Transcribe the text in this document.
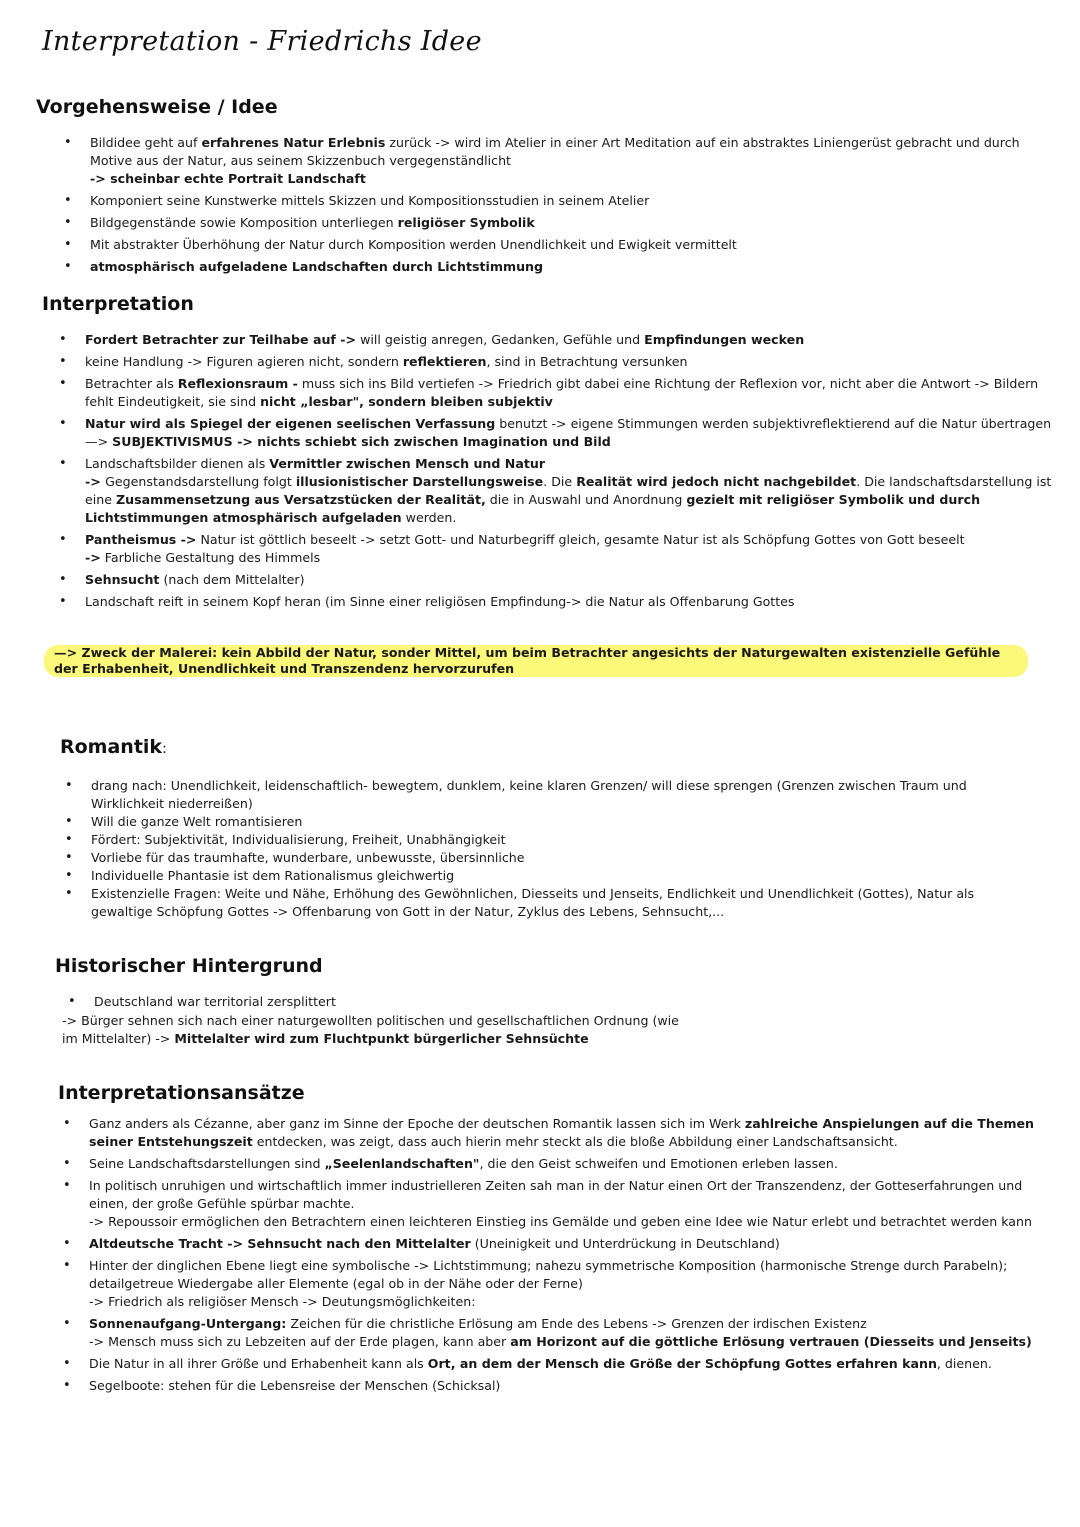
Interpretation - Friedrichs Idee
Vorgehensweise / Idee
• Bildidee geht auf erfahrenes Natur Erlebnis zurück -> wird im Atelier in einer Art Meditation auf ein abstraktes Liniengerüst gebracht und durch Motive aus der Natur, aus seinem Skizzenbuch vergegenständlicht
-> scheinbar echte Portrait Landschaft
• Komponiert seine Kunstwerke mittels Skizzen und Kompositionsstudien in seinem Atelier
• Bildgegenstände sowie Komposition unterliegen religiöser Symbolik
• Mit abstrakter Überhöhung der Natur durch Komposition werden Unendlichkeit und Ewigkeit vermittelt
• atmosphärisch aufgeladene Landschaften durch Lichtstimmung
Interpretation
• Fordert Betrachter zur Teilhabe auf -> will geistig anregen, Gedanken, Gefühle und Empfindungen wecken
• keine Handlung -> Figuren agieren nicht, sondern reflektieren, sind in Betrachtung versunken
• Betrachter als Reflexionsraum - muss sich ins Bild vertiefen -> Friedrich gibt dabei eine Richtung der Reflexion vor, nicht aber die Antwort -> Bildern fehlt Eindeutigkeit, sie sind nicht „lesbar", sondern bleiben subjektiv
• Natur wird als Spiegel der eigenen seelischen Verfassung benutzt -> eigene Stimmungen werden subjektivreflektierend auf die Natur übertragen —> SUBJEKTIVISMUS -> nichts schiebt sich zwischen Imagination und Bild
• Landschaftsbilder dienen als Vermittler zwischen Mensch und Natur
-> Gegenstandsdarstellung folgt illusionistischer Darstellungsweise. Die Realität wird jedoch nicht nachgebildet. Die landschaftsdarstellung ist eine Zusammensetzung aus Versatzstücken der Realität, die in Auswahl und Anordnung gezielt mit religiöser Symbolik und durch Lichtstimmungen atmosphärisch aufgeladen werden.
• Pantheismus -> Natur ist göttlich beseelt -> setzt Gott- und Naturbegriff gleich, gesamte Natur ist als Schöpfung Gottes von Gott beseelt
-> Farbliche Gestaltung des Himmels
• Sehnsucht (nach dem Mittelalter)
• Landschaft reift in seinem Kopf heran (im Sinne einer religiösen Empfindung-> die Natur als Offenbarung Gottes
—> Zweck der Malerei: kein Abbild der Natur, sonder Mittel, um beim Betrachter angesichts der Naturgewalten existenzielle Gefühle der Erhabenheit, Unendlichkeit und Transzendenz hervorzurufen
Romantik:
• drang nach: Unendlichkeit, leidenschaftlich- bewegtem, dunklem, keine klaren Grenzen/ will diese sprengen (Grenzen zwischen Traum und Wirklichkeit niederreißen)
• Will die ganze Welt romantisieren
• Fördert: Subjektivität, Individualisierung, Freiheit, Unabhängigkeit
• Vorliebe für das traumhafte, wunderbare, unbewusste, übersinnliche
• Individuelle Phantasie ist dem Rationalismus gleichwertig
• Existenzielle Fragen: Weite und Nähe, Erhöhung des Gewöhnlichen, Diesseits und Jenseits, Endlichkeit und Unendlichkeit (Gottes), Natur als gewaltige Schöpfung Gottes -> Offenbarung von Gott in der Natur, Zyklus des Lebens, Sehnsucht,...
Historischer Hintergrund
• Deutschland war territorial zersplittert
-> Bürger sehnen sich nach einer naturgewollten politischen und gesellschaftlichen Ordnung (wie
im Mittelalter) -> Mittelalter wird zum Fluchtpunkt bürgerlicher Sehnsüchte
Interpretationsansätze
• Ganz anders als Cézanne, aber ganz im Sinne der Epoche der deutschen Romantik lassen sich im Werk zahlreiche Anspielungen auf die Themen seiner Entstehungszeit entdecken, was zeigt, dass auch hierin mehr steckt als die bloße Abbildung einer Landschaftsansicht.
• Seine Landschaftsdarstellungen sind „Seelenlandschaften", die den Geist schweifen und Emotionen erleben lassen.
• In politisch unruhigen und wirtschaftlich immer industrielleren Zeiten sah man in der Natur einen Ort der Transzendenz, der Gotteserfahrungen und einen, der große Gefühle spürbar machte.
-> Repoussoir ermöglichen den Betrachtern einen leichteren Einstieg ins Gemälde und geben eine Idee wie Natur erlebt und betrachtet werden kann
• Altdeutsche Tracht -> Sehnsucht nach den Mittelalter (Uneinigkeit und Unterdrückung in Deutschland)
• Hinter der dinglichen Ebene liegt eine symbolische -> Lichtstimmung; nahezu symmetrische Komposition (harmonische Strenge durch Parabeln); detailgetreue Wiedergabe aller Elemente (egal ob in der Nähe oder der Ferne)
-> Friedrich als religiöser Mensch -> Deutungsmöglichkeiten:
• Sonnenaufgang-Untergang: Zeichen für die christliche Erlösung am Ende des Lebens -> Grenzen der irdischen Existenz
-> Mensch muss sich zu Lebzeiten auf der Erde plagen, kann aber am Horizont auf die göttliche Erlösung vertrauen (Diesseits und Jenseits)
• Die Natur in all ihrer Größe und Erhabenheit kann als Ort, an dem der Mensch die Größe der Schöpfung Gottes erfahren kann, dienen.
• Segelboote: stehen für die Lebensreise der Menschen (Schicksal)
